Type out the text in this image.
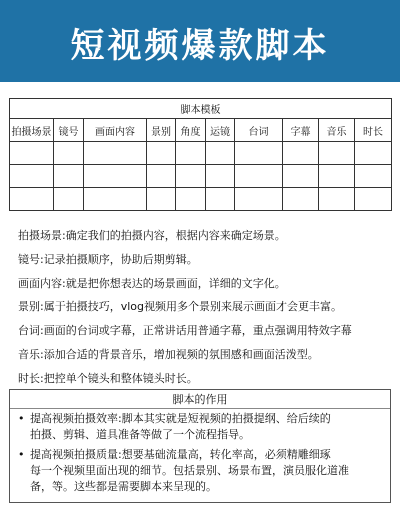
短视频爆款脚本
脚本模板									
拍摄场景	镜号	画面内容	景别	角度	运镜	台词	字幕	音乐	时长

拍摄场景:确定我们的拍摄内容，根据内容来确定场景。
镜号:记录拍摄顺序，协助后期剪辑。
画面内容:就是把你想表达的场景画面，详细的文字化。
景别:属于拍摄技巧，vlog视频用多个景别来展示画面才会更丰富。
台词:画面的台词或字幕，正常讲话用普通字幕，重点强调用特效字幕
音乐:添加合适的背景音乐，增加视频的氛围感和画面活泼型。
时长:把控单个镜头和整体镜头时长。
脚本的作用
• 提高视频拍摄效率:脚本其实就是短视频的拍摄提纲、给后续的
拍摄、剪辑、道具准备等做了一个流程指导。
• 提高视频拍摄质量:想要基础流量高，转化率高，必须精雕细琢
每一个视频里面出现的细节。包括景别、场景布置，演员服化道准
备，等。这些都是需要脚本来呈现的。
